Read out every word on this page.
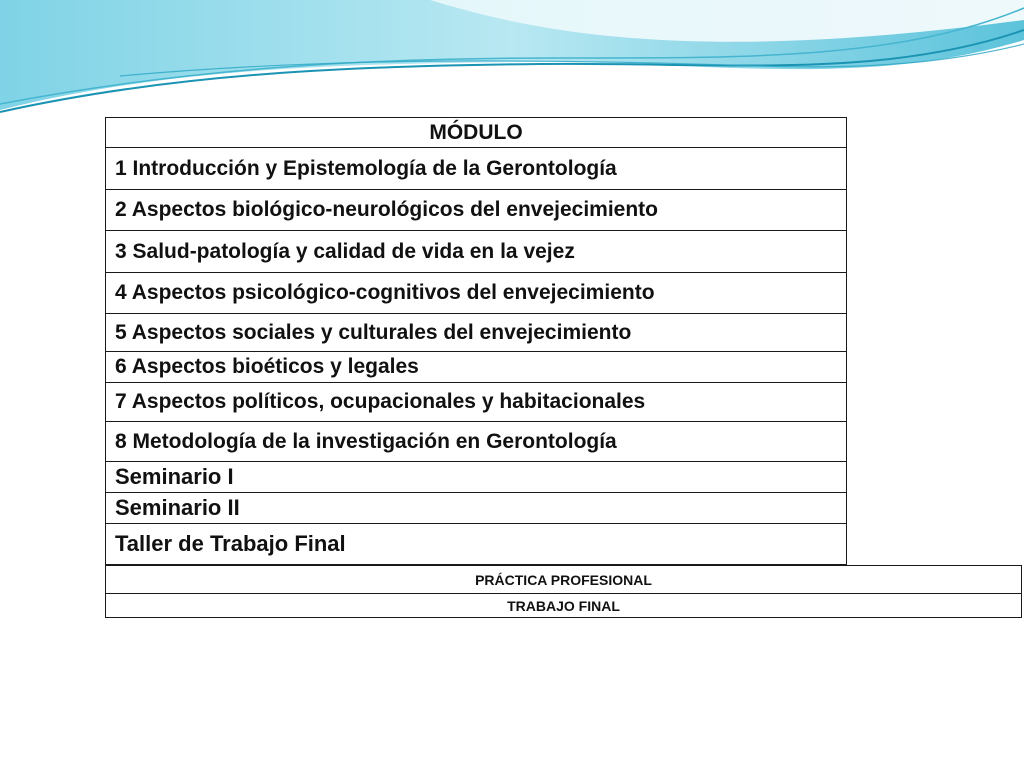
MÓDULO
1 Introducción y Epistemología de la Gerontología
2 Aspectos biológico-neurológicos del envejecimiento
3 Salud-patología y calidad de vida en la vejez
4 Aspectos psicológico-cognitivos del envejecimiento
5 Aspectos sociales y culturales del envejecimiento
6 Aspectos bioéticos y legales
7 Aspectos políticos, ocupacionales y habitacionales
8 Metodología de la investigación en Gerontología
Seminario I
Seminario II
Taller de Trabajo Final
PRÁCTICA PROFESIONAL
TRABAJO FINAL
